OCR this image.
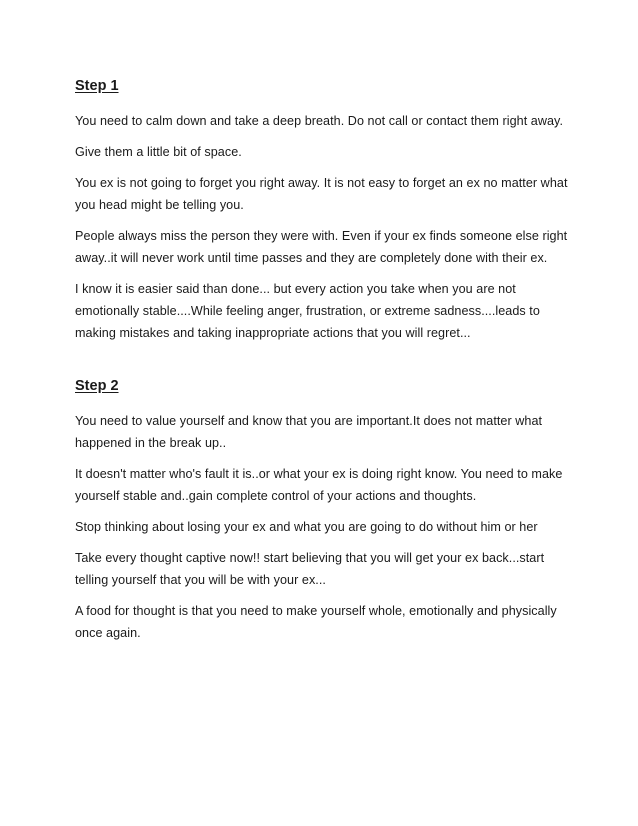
Step 1

You need to calm down and take a deep breath. Do not call or contact them right away.

Give them a little bit of space.

You ex is not going to forget you right away. It is not easy to forget an ex no matter what you head might be telling you.

People always miss the person they were with. Even if your ex finds someone else right away..it will never work until time passes and they are completely done with their ex.

I know it is easier said than done... but every action you take when you are not emotionally stable....While feeling anger, frustration, or extreme sadness....leads to making mistakes and taking inappropriate actions that you will regret...

Step 2

You need to value yourself and know that you are important.It does not matter what happened in the break up..

It doesn't matter who's fault it is..or what your ex is doing right know. You need to make yourself stable and..gain complete control of your actions and thoughts.

Stop thinking about losing your ex and what you are going to do without him or her

Take every thought captive now!! start believing that you will get your ex back...start telling yourself that you will be with your ex...

A food for thought is that you need to make yourself whole, emotionally and physically once again.
